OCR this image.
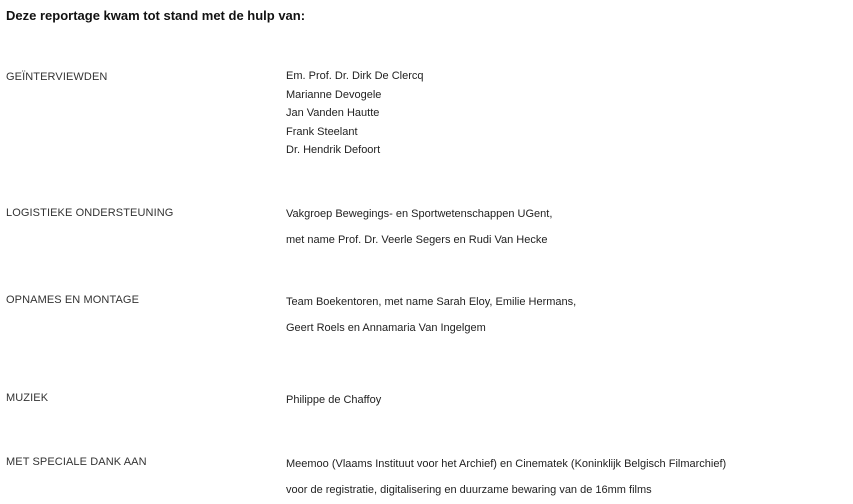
Deze reportage kwam tot stand met de hulp van:
GEÏNTERVIEWDEN	Em. Prof. Dr. Dirk De Clercq
Marianne Devogele
Jan Vanden Hautte
Frank Steelant
Dr. Hendrik Defoort
LOGISTIEKE ONDERSTEUNING	Vakgroep Bewegings- en Sportwetenschappen UGent,
met name Prof. Dr. Veerle Segers en Rudi Van Hecke
OPNAMES EN MONTAGE	Team Boekentoren, met name Sarah Eloy, Emilie Hermans,
Geert Roels en Annamaria Van Ingelgem
MUZIEK	Philippe de Chaffoy
MET SPECIALE DANK AAN	Meemoo (Vlaams Instituut voor het Archief) en Cinematek (Koninklijk Belgisch Filmarchief)
voor de registratie, digitalisering en duurzame bewaring van de 16mm films
